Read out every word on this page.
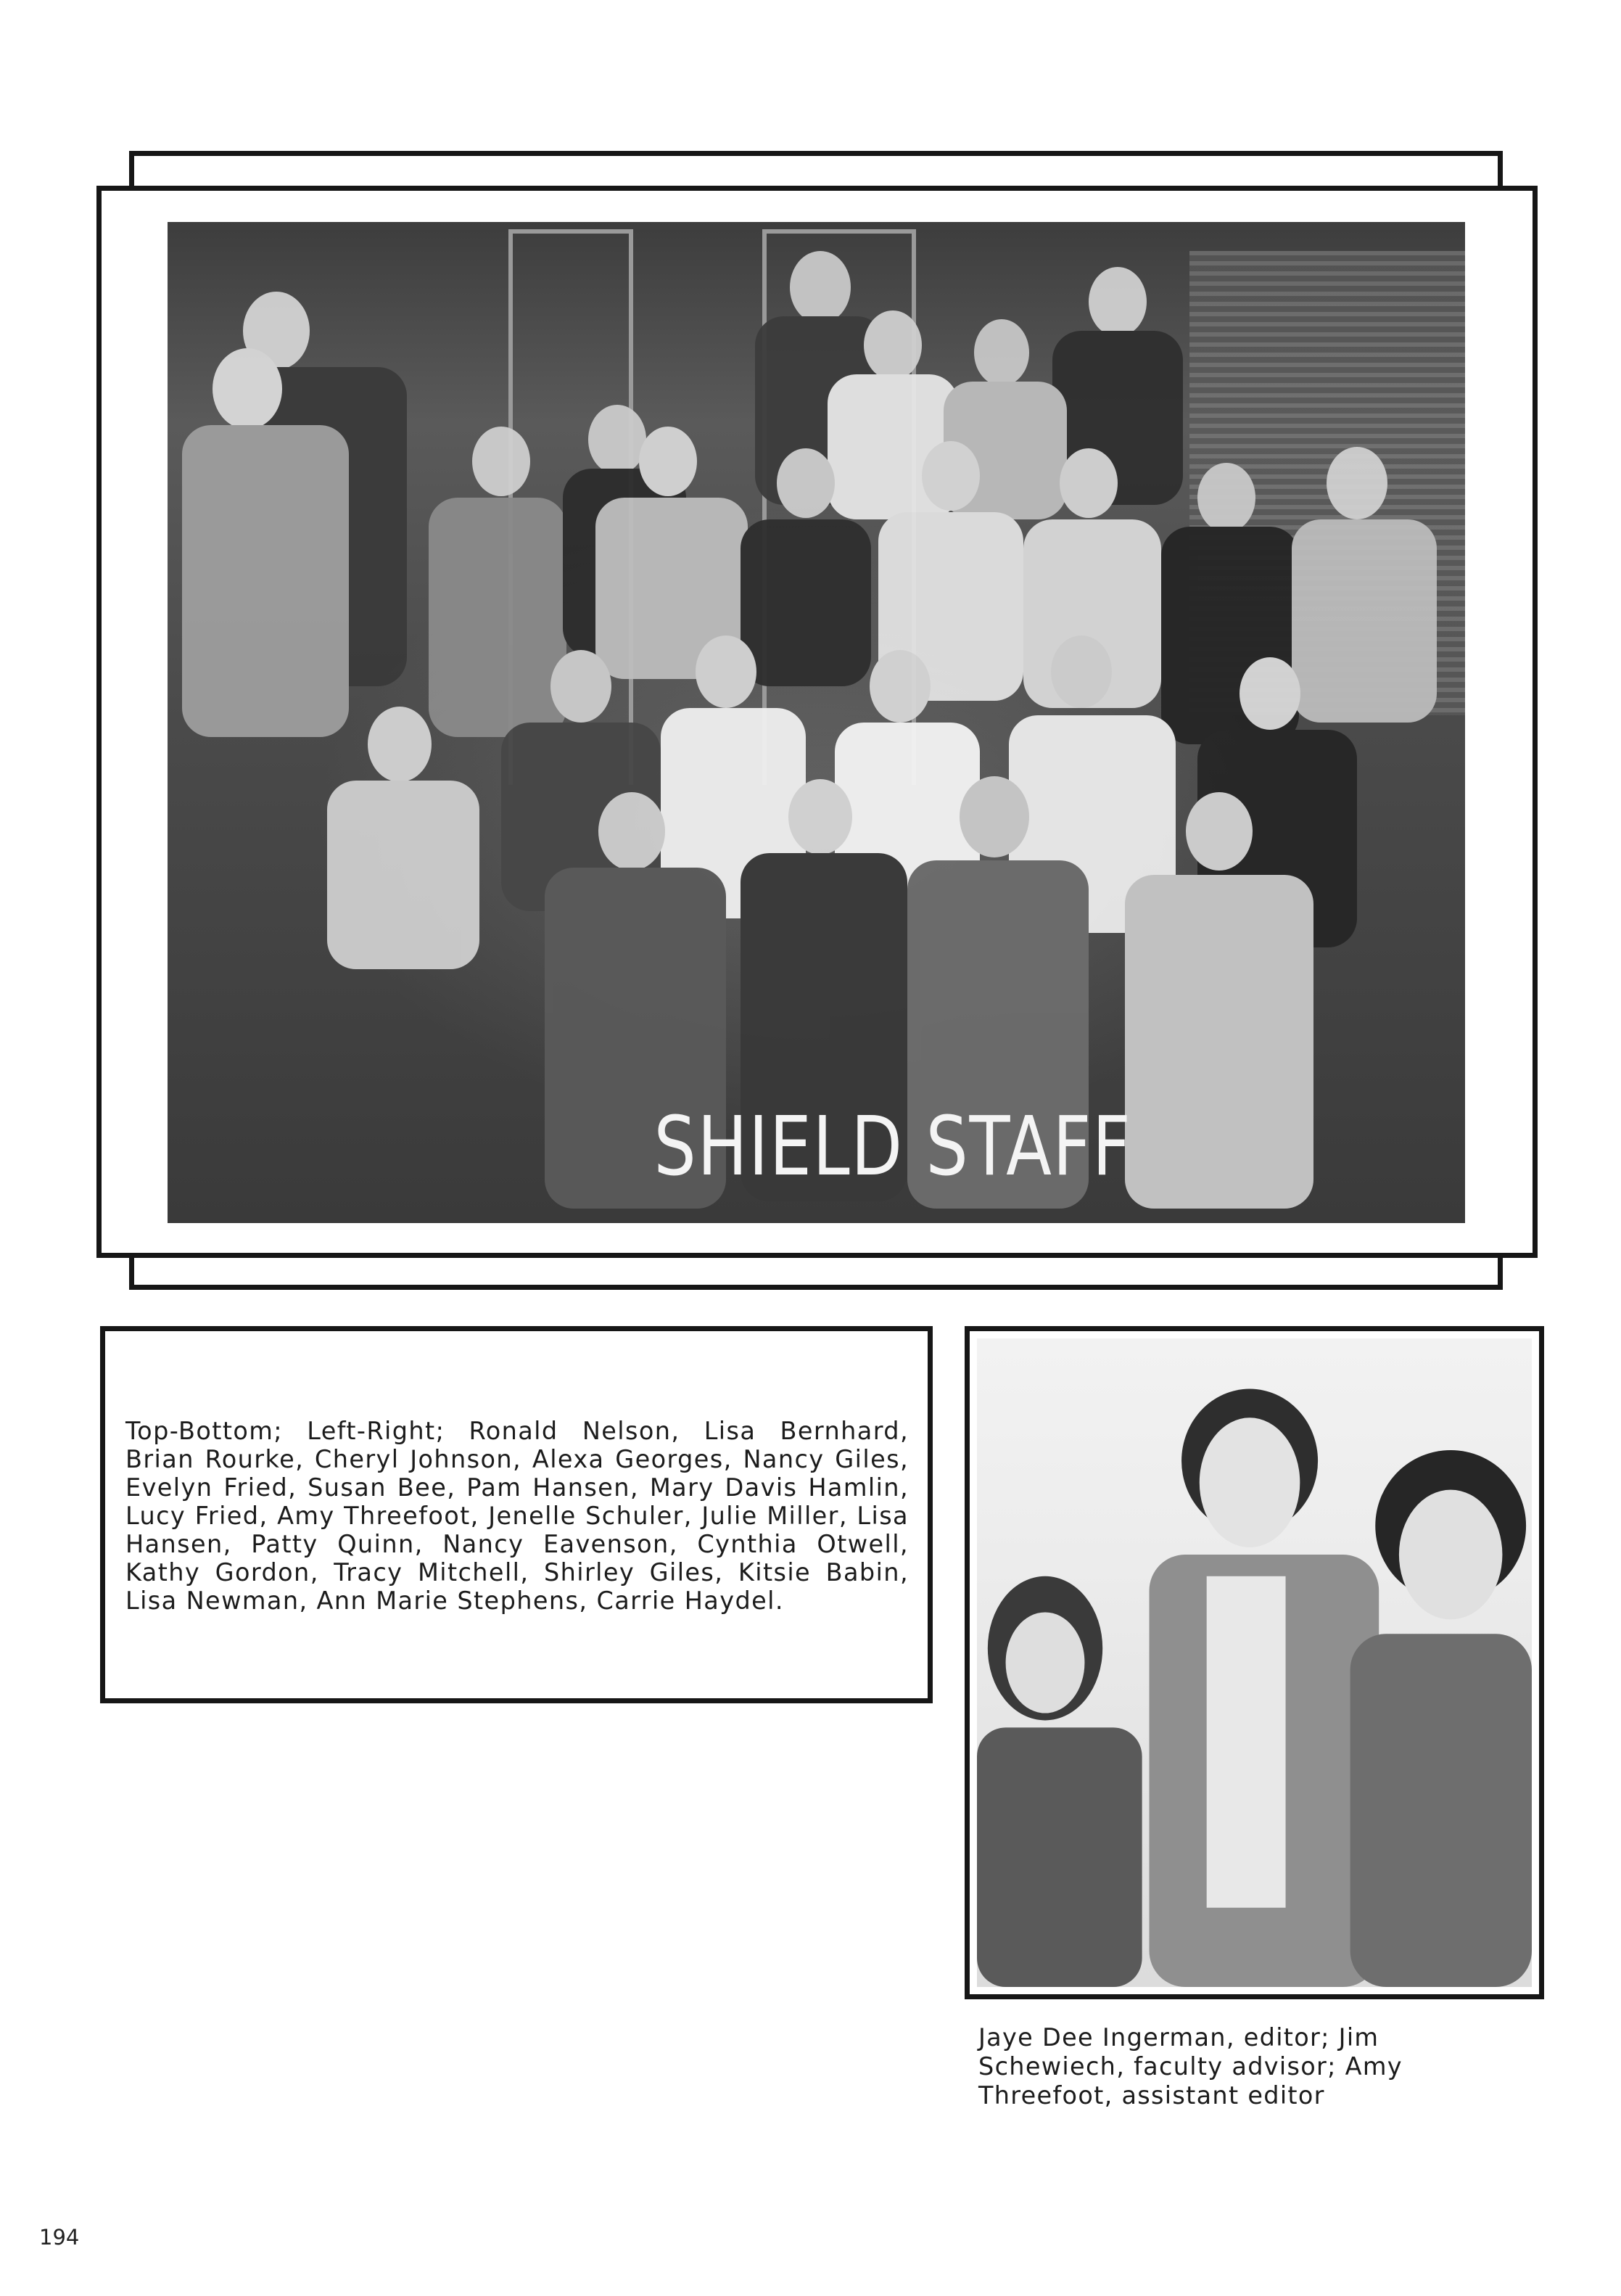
SHIELD STAFF
Top-Bottom; Left-Right; Ronald Nelson, Lisa Bernhard, Brian Rourke, Cheryl Johnson, Alexa Georges, Nancy Giles, Evelyn Fried, Susan Bee, Pam Hansen, Mary Davis Hamlin, Lucy Fried, Amy Threefoot, Jenelle Schuler, Julie Miller, Lisa Hansen, Patty Quinn, Nancy Eavenson, Cynthia Otwell, Kathy Gordon, Tracy Mitchell, Shirley Giles, Kitsie Babin, Lisa Newman, Ann Marie Stephens, Carrie Haydel.
Jaye Dee Ingerman, editor; Jim Schewiech, faculty advisor; Amy Threefoot, assistant editor
194
